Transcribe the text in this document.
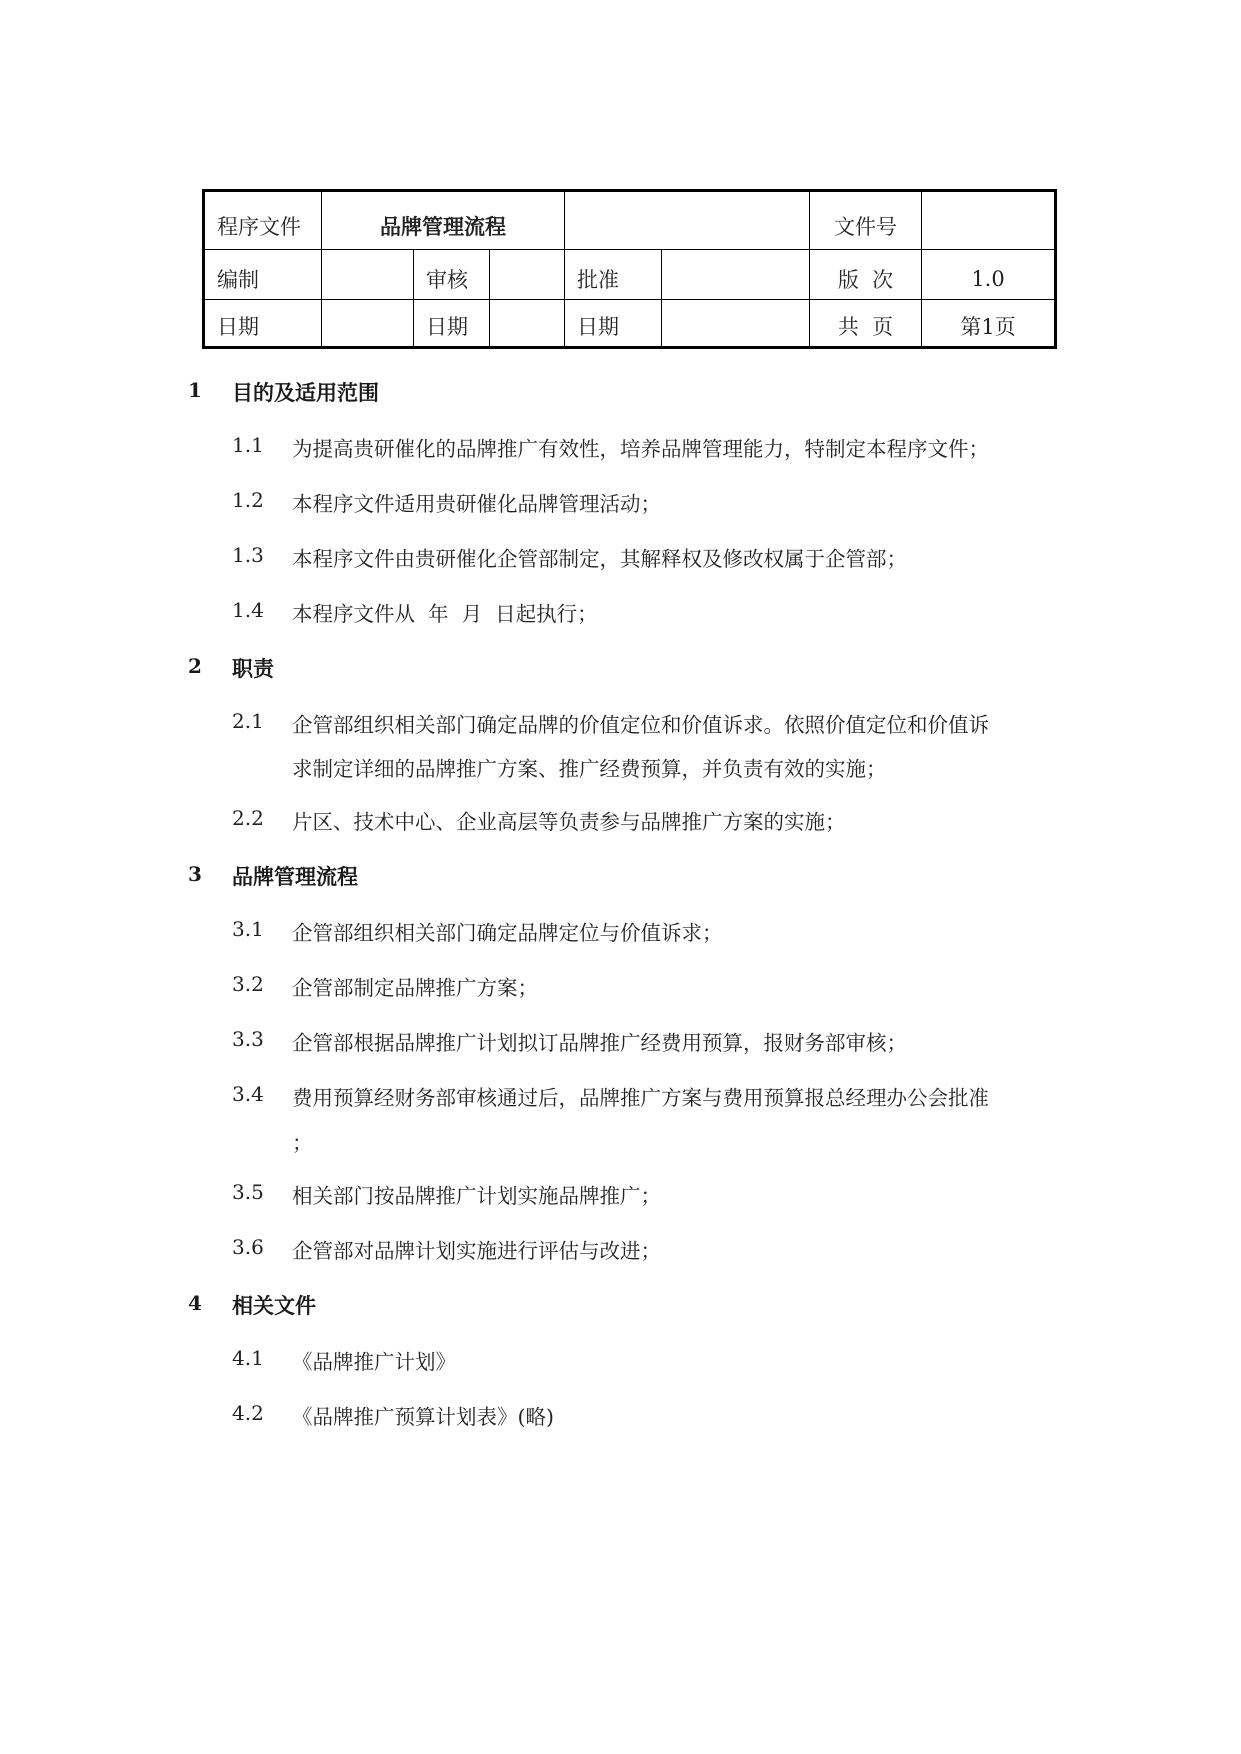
程序文件	品牌管理流程					文件号	
编制		审核		批准		版  次	1.0
日期		日期		日期		共  页	第1页
1 目的及适用范围
1.1 为提高贵研催化的品牌推广有效性，培养品牌管理能力，特制定本程序文件；
1.2 本程序文件适用贵研催化品牌管理活动；
1.3 本程序文件由贵研催化企管部制定，其解释权及修改权属于企管部；
1.4 本程序文件从  年  月  日起执行；
2 职责
2.1 企管部组织相关部门确定品牌的价值定位和价值诉求。依照价值定位和价值诉
求制定详细的品牌推广方案、推广经费预算，并负责有效的实施；
2.2 片区、技术中心、企业高层等负责参与品牌推广方案的实施；
3 品牌管理流程
3.1 企管部组织相关部门确定品牌定位与价值诉求；
3.2 企管部制定品牌推广方案；
3.3 企管部根据品牌推广计划拟订品牌推广经费用预算，报财务部审核；
3.4 费用预算经财务部审核通过后，品牌推广方案与费用预算报总经理办公会批准
；
3.5 相关部门按品牌推广计划实施品牌推广；
3.6 企管部对品牌计划实施进行评估与改进；
4 相关文件
4.1 《品牌推广计划》
4.2 《品牌推广预算计划表》(略)
